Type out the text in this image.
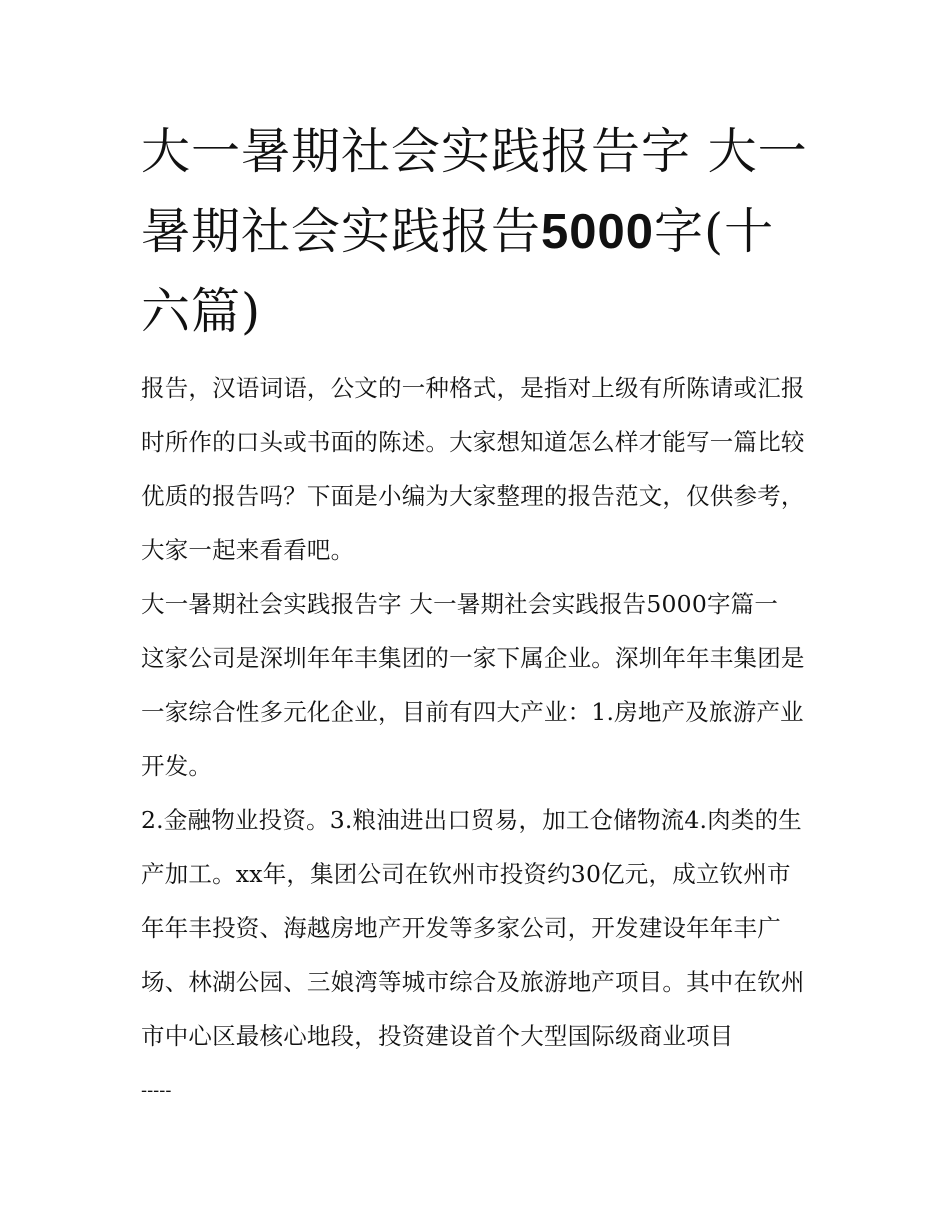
大一暑期社会实践报告字 大一暑期社会实践报告5000字(十六篇)

报告，汉语词语，公文的一种格式，是指对上级有所陈请或汇报时所作的口头或书面的陈述。大家想知道怎么样才能写一篇比较优质的报告吗？下面是小编为大家整理的报告范文，仅供参考，大家一起来看看吧。

大一暑期社会实践报告字 大一暑期社会实践报告5000字篇一

这家公司是深圳年年丰集团的一家下属企业。深圳年年丰集团是一家综合性多元化企业，目前有四大产业：1.房地产及旅游产业开发。

2.金融物业投资。3.粮油进出口贸易，加工仓储物流4.肉类的生产加工。xx年，集团公司在钦州市投资约30亿元，成立钦州市年年丰投资、海越房地产开发等多家公司，开发建设年年丰广场、林湖公园、三娘湾等城市综合及旅游地产项目。其中在钦州市中心区最核心地段，投资建设首个大型国际级商业项目

-----
